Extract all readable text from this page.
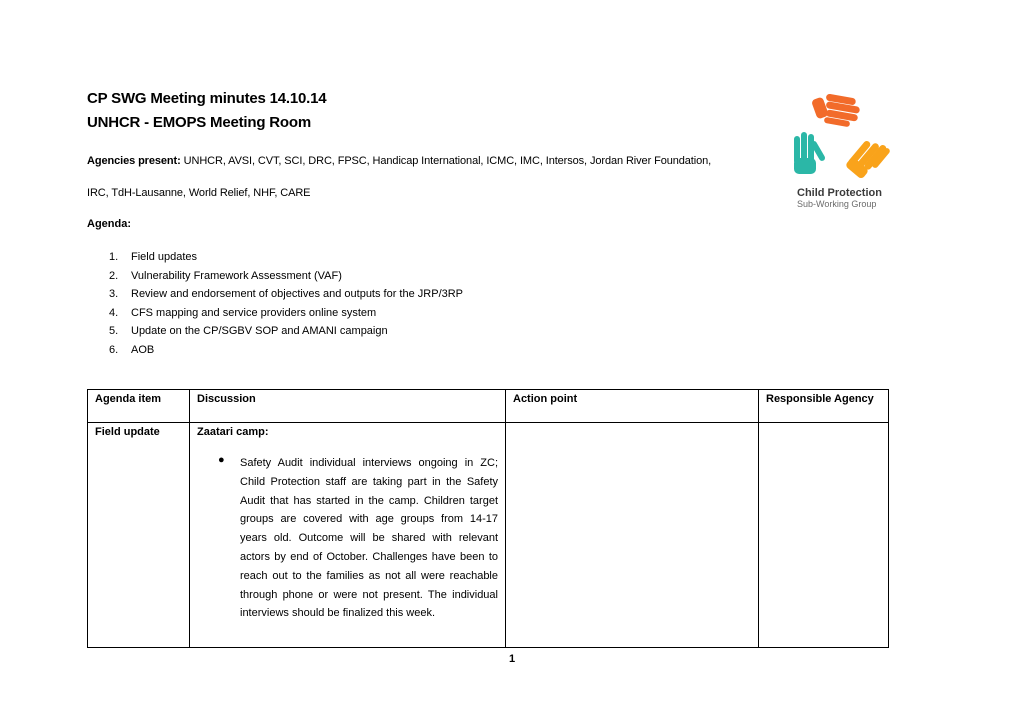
CP SWG Meeting minutes 14.10.14
UNHCR - EMOPS Meeting Room
Agencies present: UNHCR, AVSI, CVT, SCI, DRC, FPSC, Handicap International, ICMC, IMC, Intersos, Jordan River Foundation,
IRC, TdH-Lausanne, World Relief, NHF, CARE
Agenda:
1. Field updates
2. Vulnerability Framework Assessment (VAF)
3. Review and endorsement of objectives and outputs for the JRP/3RP
4. CFS mapping and service providers online system
5. Update on the CP/SGBV SOP and AMANI campaign
6. AOB
Child Protection
Sub-Working Group
Agenda item	Discussion	Action point	Responsible Agency
Field update	Zaatari camp:
● Safety Audit individual interviews ongoing in ZC; Child Protection staff are taking part in the Safety Audit that has started in the camp. Children target groups are covered with age groups from 14-17 years old. Outcome will be shared with relevant actors by end of October. Challenges have been to reach out to the families as not all were reachable through phone or were not present. The individual interviews should be finalized this week.		

1
